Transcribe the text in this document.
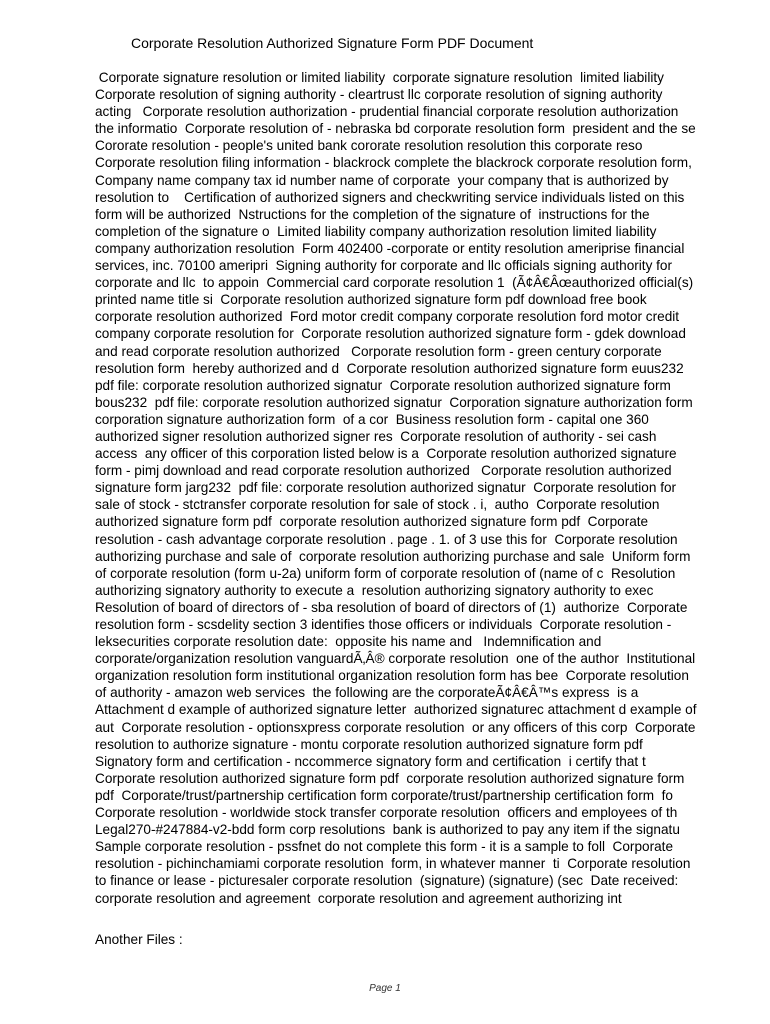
Corporate Resolution Authorized Signature Form PDF Document
Corporate signature resolution or limited liability  corporate signature resolution  limited liability
Corporate resolution of signing authority - cleartrust llc corporate resolution of signing authority
acting   Corporate resolution authorization - prudential financial corporate resolution authorization
the informatio  Corporate resolution of - nebraska bd corporate resolution form  president and the se
Cororate resolution - people's united bank cororate resolution resolution this corporate reso
Corporate resolution filing information - blackrock complete the blackrock corporate resolution form,
Company name company tax id number name of corporate  your company that is authorized by
resolution to    Certification of authorized signers and checkwriting service individuals listed on this
form will be authorized  Nstructions for the completion of the signature of  instructions for the
completion of the signature o  Limited liability company authorization resolution limited liability
company authorization resolution  Form 402400 -corporate or entity resolution ameriprise financial
services, inc. 70100 ameripri  Signing authority for corporate and llc officials signing authority for
corporate and llc  to appoin  Commercial card corporate resolution 1  (Ã¢Â€Âœauthorized official(s)
printed name title si  Corporate resolution authorized signature form pdf download free book
corporate resolution authorized  Ford motor credit company corporate resolution ford motor credit
company corporate resolution for  Corporate resolution authorized signature form - gdek download
and read corporate resolution authorized   Corporate resolution form - green century corporate
resolution form  hereby authorized and d  Corporate resolution authorized signature form euus232
pdf file: corporate resolution authorized signatur  Corporate resolution authorized signature form
bous232  pdf file: corporate resolution authorized signatur  Corporation signature authorization form
corporation signature authorization form  of a cor  Business resolution form - capital one 360
authorized signer resolution authorized signer res  Corporate resolution of authority - sei cash
access  any officer of this corporation listed below is a  Corporate resolution authorized signature
form - pimj download and read corporate resolution authorized   Corporate resolution authorized
signature form jarg232  pdf file: corporate resolution authorized signatur  Corporate resolution for
sale of stock - stctransfer corporate resolution for sale of stock . i,  autho  Corporate resolution
authorized signature form pdf  corporate resolution authorized signature form pdf  Corporate
resolution - cash advantage corporate resolution . page . 1. of 3 use this for  Corporate resolution
authorizing purchase and sale of  corporate resolution authorizing purchase and sale  Uniform form
of corporate resolution (form u-2a) uniform form of corporate resolution of (name of c  Resolution
authorizing signatory authority to execute a  resolution authorizing signatory authority to exec
Resolution of board of directors of - sba resolution of board of directors of (1)  authorize  Corporate
resolution form - scsdelity section 3 identifies those officers or individuals  Corporate resolution -
leksecurities corporate resolution date:  opposite his name and   Indemnification and
corporate/organization resolution vanguardÃ‚Â® corporate resolution  one of the author  Institutional
organization resolution form institutional organization resolution form has bee  Corporate resolution
of authority - amazon web services  the following are the corporateÃ¢Â€Â™s express  is a
Attachment d example of authorized signature letter  authorized signaturec attachment d example of
aut  Corporate resolution - optionsxpress corporate resolution  or any officers of this corp  Corporate
resolution to authorize signature - montu corporate resolution authorized signature form pdf
Signatory form and certification - nccommerce signatory form and certification  i certify that t
Corporate resolution authorized signature form pdf  corporate resolution authorized signature form
pdf  Corporate/trust/partnership certification form corporate/trust/partnership certification form  fo
Corporate resolution - worldwide stock transfer corporate resolution  officers and employees of th
Legal270-#247884-v2-bdd form corp resolutions  bank is authorized to pay any item if the signatu
Sample corporate resolution - pssfnet do not complete this form - it is a sample to foll  Corporate
resolution - pichinchamiami corporate resolution  form, in whatever manner  ti  Corporate resolution
to finance or lease - picturesaler corporate resolution  (signature) (signature) (sec  Date received:
corporate resolution and agreement  corporate resolution and agreement authorizing int
Another Files :
Page 1
